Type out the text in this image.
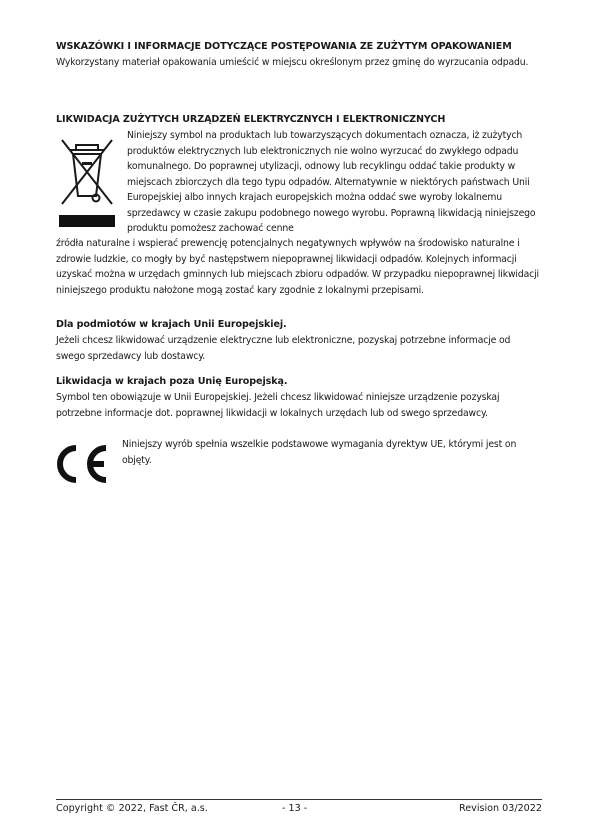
WSKAZÓWKI I INFORMACJE DOTYCZĄCE POSTĘPOWANIA ZE ZUŻYTYM OPAKOWANIEM

Wykorzystany materiał opakowania umieścić w miejscu określonym przez gminę do wyrzucania odpadu.

LIKWIDACJA ZUŻYTYCH URZĄDZEŃ ELEKTRYCZNYCH I ELEKTRONICZNYCH

Niniejszy symbol na produktach lub towarzyszących dokumentach oznacza, iż zużytych produktów elektrycznych lub elektronicznych nie wolno wyrzucać do zwykłego odpadu komunalnego. Do poprawnej utylizacji, odnowy lub recyklingu oddać takie produkty w miejscach zbiorczych dla tego typu odpadów. Alternatywnie w niektórych państwach Unii Europejskiej albo innych krajach europejskich można oddać swe wyroby lokalnemu sprzedawcy w czasie zakupu podobnego nowego wyrobu. Poprawną likwidacją niniejszego produktu pomożesz zachować cenne

źródła naturalne i wspierać prewencję potencjalnych negatywnych wpływów na środowisko naturalne i zdrowie ludzkie, co mogły by być następstwem niepoprawnej likwidacji odpadów. Kolejnych informacji uzyskać można w urzędach gminnych lub miejscach zbioru odpadów. W przypadku niepoprawnej likwidacji niniejszego produktu nałożone mogą zostać kary zgodnie z lokalnymi przepisami.

Dla podmiotów w krajach Unii Europejskiej.

Jeżeli chcesz likwidować urządzenie elektryczne lub elektroniczne, pozyskaj potrzebne informacje od swego sprzedawcy lub dostawcy.

Likwidacja w krajach poza Unię Europejską.

Symbol ten obowiązuje w Unii Europejskiej. Jeżeli chcesz likwidować niniejsze urządzenie pozyskaj potrzebne informacje dot. poprawnej likwidacji w lokalnych urzędach lub od swego sprzedawcy.

Niniejszy wyrób spełnia wszelkie podstawowe wymagania dyrektyw UE, którymi jest on objęty.

Copyright © 2022, Fast ČR, a.s.	- 13 -	Revision 03/2022
